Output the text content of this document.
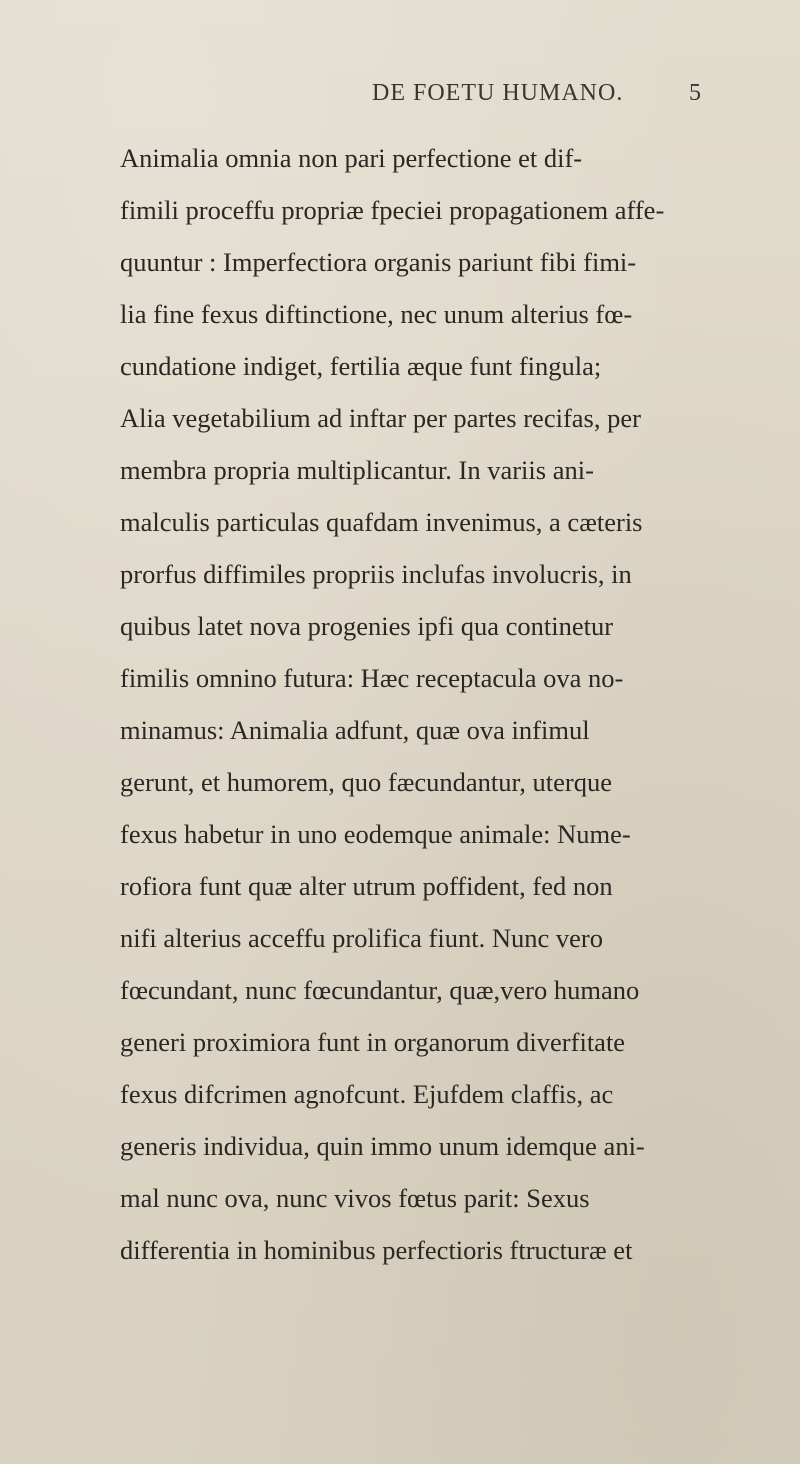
DE FOETU HUMANO.	5
Animalia omnia non pari perfectione et dif-
fimili proceffu propriæ fpeciei propagationem affe-
quuntur : Imperfectiora organis pariunt fibi fimi-
lia fine fexus diftinctione, nec unum alterius fœ-
cundatione indiget, fertilia æque funt fingula;
Alia vegetabilium ad inftar per partes recifas, per
membra propria multiplicantur. In variis ani-
malculis particulas quafdam invenimus, a cæteris
prorfus diffimiles propriis inclufas involucris, in
quibus latet nova progenies ipfi qua continetur
fimilis omnino futura: Hæc receptacula ova no-
minamus: Animalia adfunt, quæ ova infimul
gerunt, et humorem, quo fæcundantur, uterque
fexus habetur in uno eodemque animale: Nume-
rofiora funt quæ alter utrum poffident, fed non
nifi alterius acceffu prolifica fiunt. Nunc vero
fœcundant, nunc fœcundantur, quæ,vero humano
generi proximiora funt in organorum diverfitate
fexus difcrimen agnofcunt. Ejufdem claffis, ac
generis individua, quin immo unum idemque ani-
mal nunc ova, nunc vivos fœtus parit: Sexus
differentia in hominibus perfectioris ftructuræ et
